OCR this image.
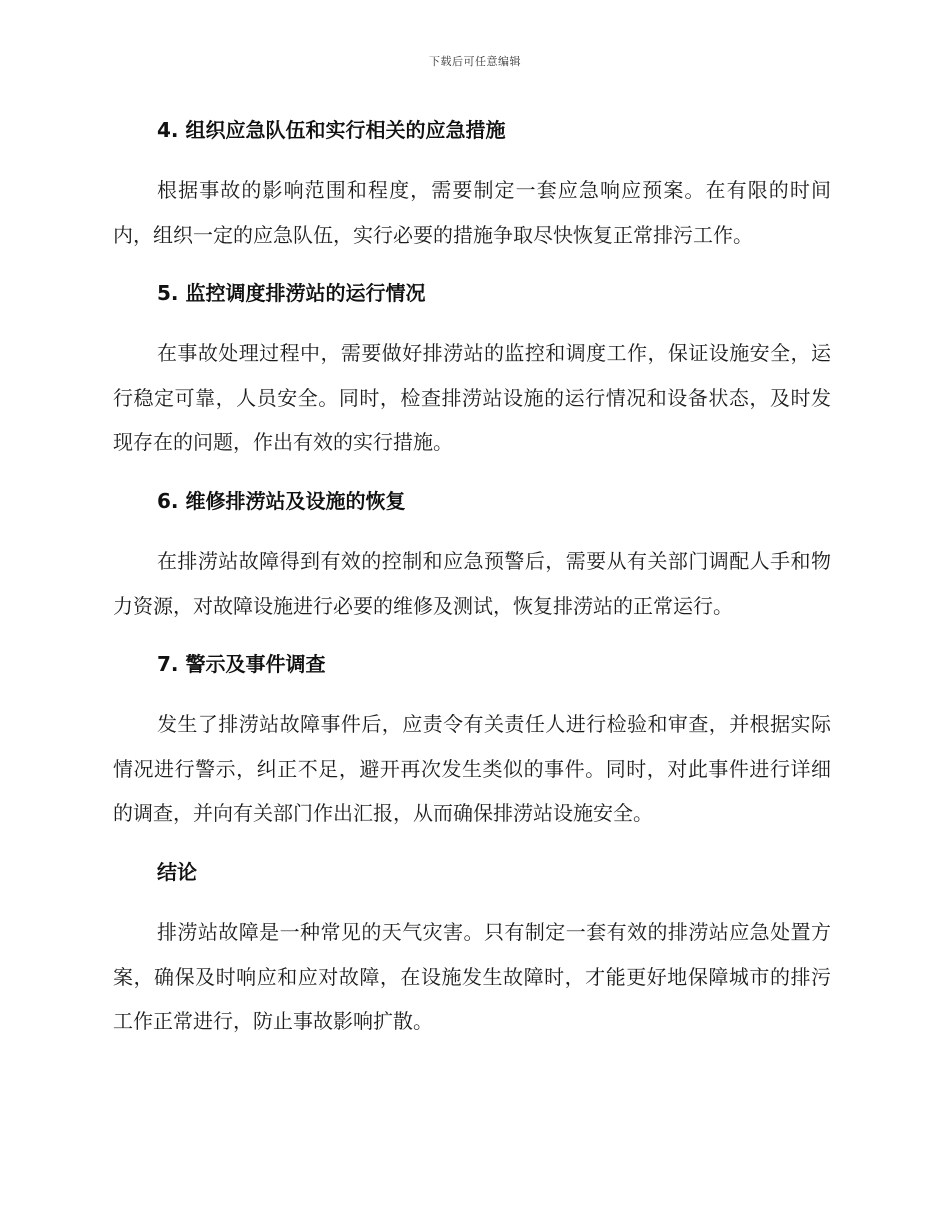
下载后可任意编辑
4. 组织应急队伍和实行相关的应急措施

根据事故的影响范围和程度，需要制定一套应急响应预案。在有限的时间内，组织一定的应急队伍，实行必要的措施争取尽快恢复正常排污工作。

5. 监控调度排涝站的运行情况

在事故处理过程中，需要做好排涝站的监控和调度工作，保证设施安全，运行稳定可靠，人员安全。同时，检查排涝站设施的运行情况和设备状态，及时发现存在的问题，作出有效的实行措施。

6. 维修排涝站及设施的恢复

在排涝站故障得到有效的控制和应急预警后，需要从有关部门调配人手和物力资源，对故障设施进行必要的维修及测试，恢复排涝站的正常运行。

7. 警示及事件调查

发生了排涝站故障事件后，应责令有关责任人进行检验和审查，并根据实际情况进行警示，纠正不足，避开再次发生类似的事件。同时，对此事件进行详细的调查，并向有关部门作出汇报，从而确保排涝站设施安全。

结论

排涝站故障是一种常见的天气灾害。只有制定一套有效的排涝站应急处置方案，确保及时响应和应对故障，在设施发生故障时，才能更好地保障城市的排污工作正常进行，防止事故影响扩散。
